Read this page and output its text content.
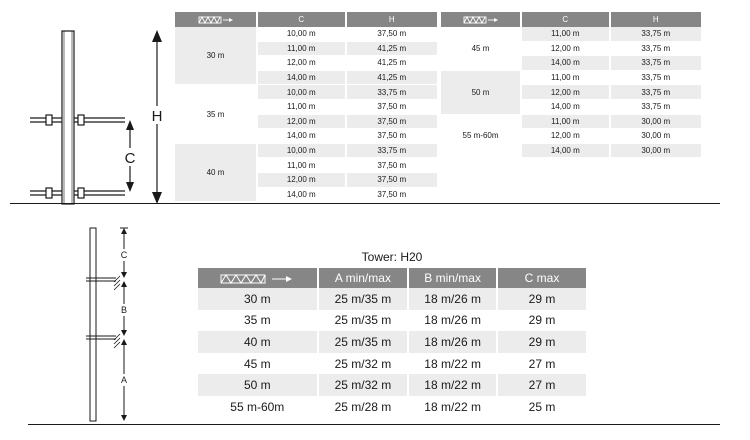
H
C
	C	H
30 m	10,00 m	37,50 m
	11,00 m	41,25 m
	12,00 m	41,25 m
	14,00 m	41,25 m
35 m	10,00 m	33,75 m
	11,00 m	37,50 m
	12,00 m	37,50 m
	14,00 m	37,50 m
40 m	10,00 m	33,75 m
	11,00 m	37,50 m
	12,00 m	37,50 m
	14,00 m	37,50 m
	C	H
45 m	11,00 m	33,75 m
	12,00 m	33,75 m
	14,00 m	33,75 m
50 m	11,00 m	33,75 m
	12,00 m	33,75 m
	14,00 m	33,75 m
55 m-60m	11,00 m	30,00 m
	12,00 m	30,00 m
	14,00 m	30,00 m
C
B
A
Tower: H20
	A min/max	B min/max	C max
30 m	25 m/35 m	18 m/26 m	29 m
35 m	25 m/35 m	18 m/26 m	29 m
40 m	25 m/35 m	18 m/26 m	29 m
45 m	25 m/32 m	18 m/22 m	27 m
50 m	25 m/32 m	18 m/22 m	27 m
55 m-60m	25 m/28 m	18 m/22 m	25 m
